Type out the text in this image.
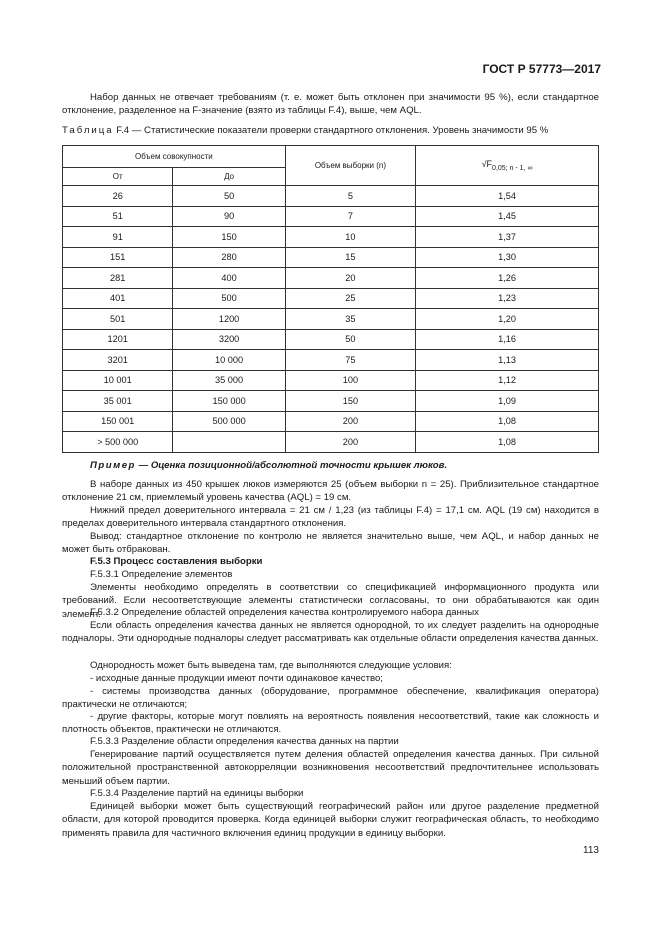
ГОСТ Р 57773—2017

Набор данных не отвечает требованиям (т. е. может быть отклонен при значимости 95 %), если стандартное отклонение, разделенное на F-значение (взято из таблицы F.4), выше, чем AQL.

Таблица F.4 — Статистические показатели проверки стандартного отклонения. Уровень значимости 95 %
Объем совокупности		Объем выборки (n)	$√F_{0,05; n - 1, \infty}$
От	До		
26	50	5	1,54
51	90	7	1,45
91	150	10	1,37
151	280	15	1,30
281	400	20	1,26
401	500	25	1,23
501	1200	35	1,20
1201	3200	50	1,16
3201	10 000	75	1,13
10 001	35 000	100	1,12
35 001	150 000	150	1,09
150 001	500 000	200	1,08
> 500 000		200	1,08

Пример — Оценка позиционной/абсолютной точности крышек люков.

В наборе данных из 450 крышек люков измеряются 25 (объем выборки n = 25). Приблизительное стандартное отклонение 21 см, приемлемый уровень качества (AQL) = 19 см.

Нижний предел доверительного интервала = 21 см / 1,23 (из таблицы F.4) = 17,1 см. AQL (19 см) находится в пределах доверительного интервала стандартного отклонения.

Вывод: стандартное отклонение по контролю не является значительно выше, чем AQL, и набор данных не может быть отбракован.

F.5.3 Процесс составления выборки

F.5.3.1 Определение элементов

Элементы необходимо определять в соответствии со спецификацией информационного продукта или требований. Если несоответствующие элементы статистически согласованы, то они обрабатываются как один элемент.

F.5.3.2 Определение областей определения качества контролируемого набора данных

Если область определения качества данных не является однородной, то их следует разделить на однородные подналоры. Эти однородные подналоры следует рассматривать как отдельные области определения качества данных.

Однородность может быть выведена там, где выполняются следующие условия:

- исходные данные продукции имеют почти одинаковое качество;

- системы производства данных (оборудование, программное обеспечение, квалификация оператора) практически не отличаются;

- другие факторы, которые могут повлиять на вероятность появления несоответствий, такие как сложность и плотность объектов, практически не отличаются.

F.5.3.3 Разделение области определения качества данных на партии

Генерирование партий осуществляется путем деления областей определения качества данных. При сильной положительной пространственной автокорреляции возникновения несоответствий предпочтительнее использовать меньший объем партии.

F.5.3.4 Разделение партий на единицы выборки

Единицей выборки может быть существующий географический район или другое разделение предметной области, для которой проводится проверка. Когда единицей выборки служит географическая область, то необходимо применять правила для частичного включения единиц продукции в единицу выборки.

113
